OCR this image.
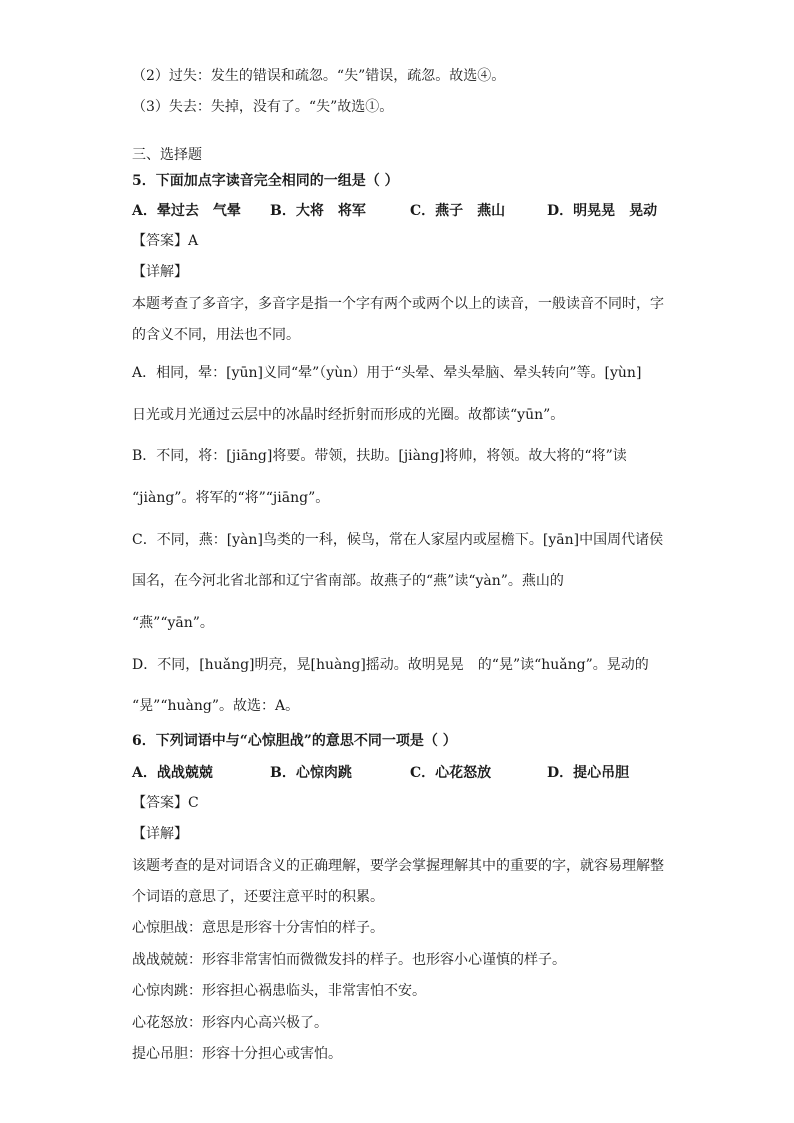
（2）过失：发生的错误和疏忽。“失”错误，疏忽。故选④。
（3）失去：失掉，没有了。“失”故选①。
三、选择题
5．下面加点字读音完全相同的一组是（ ）
A．晕过去　气晕 B．大将　将军	C．燕子　燕山	D．明晃晃　晃动
【答案】A
【详解】
本题考查了多音字，多音字是指一个字有两个或两个以上的读音，一般读音不同时，字
的含义不同，用法也不同。
A．相同，晕：[yūn]义同“晕”（yùn）用于“头晕、晕头晕脑、晕头转向”等。[yùn]
日光或月光通过云层中的冰晶时经折射而形成的光圈。故都读“yūn”。
B．不同，将：[jiāng]将要。带领，扶助。[jiàng]将帅，将领。故大将的“将”读
“jiàng”。将军的“将”“jiāng”。
C．不同，燕：[yàn]鸟类的一科，候鸟，常在人家屋内或屋檐下。[yān]中国周代诸侯
国名，在今河北省北部和辽宁省南部。故燕子的“燕”读“yàn”。燕山的
“燕”“yān”。
D．不同，[huǎng]明亮，晃[huàng]摇动。故明晃晃　的“晃”读“huǎng”。晃动的
“晃”“huàng”。故选：A。
6．下列词语中与“心惊胆战”的意思不同一项是（ ）
A．战战兢兢	B．心惊肉跳	C．心花怒放	D．提心吊胆
【答案】C
【详解】
该题考查的是对词语含义的正确理解，要学会掌握理解其中的重要的字，就容易理解整
个词语的意思了，还要注意平时的积累。
心惊胆战：意思是形容十分害怕的样子。
战战兢兢：形容非常害怕而微微发抖的样子。也形容小心谨慎的样子。
心惊肉跳：形容担心祸患临头，非常害怕不安。
心花怒放：形容内心高兴极了。
提心吊胆：形容十分担心或害怕。
